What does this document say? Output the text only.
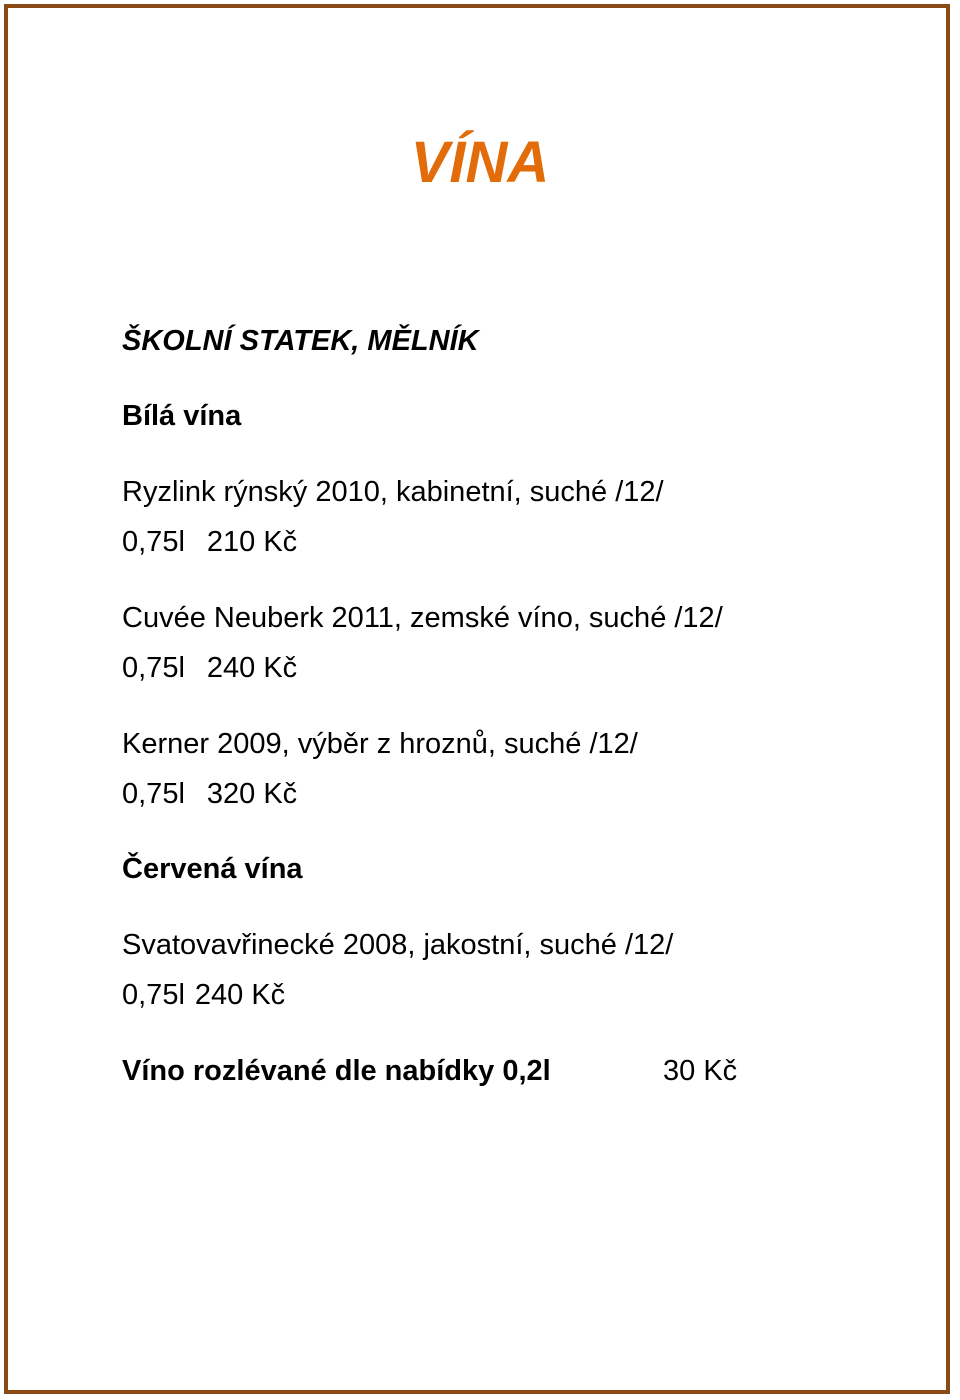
VÍNA
ŠKOLNÍ STATEK, MĚLNÍK
Bílá vína
Ryzlink rýnský 2010, kabinetní, suché /12/
0,75l 210 Kč
Cuvée Neuberk 2011, zemské víno, suché /12/
0,75l 240 Kč
Kerner 2009, výběr z hroznů, suché /12/
0,75l 320 Kč
Červená vína
Svatovavřinecké 2008, jakostní, suché /12/
0,75l 240 Kč
Víno rozlévané dle nabídky 0,2l	30 Kč
